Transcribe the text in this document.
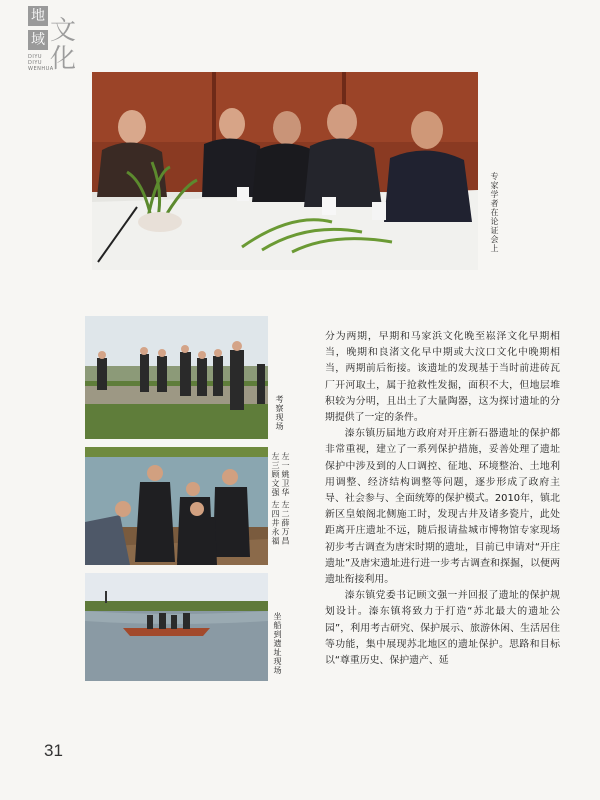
地
域 文
化
DIYU DIYU WENHUA
专家学者在论证会上
考察现场
左一姚卫华 左二薛万昌
左三顾文强 左四井永福
坐船到遗址现场

分为两期，早期和马家浜文化晚至崧泽文化早期相当，晚期和良渚文化早中期或大汶口文化中晚期相当，两期前后衔接。该遗址的发现基于当时前进砖瓦厂开河取土，属于抢救性发掘，面积不大，但地层堆积较为分明，且出土了大量陶器，这为探讨遗址的分期提供了一定的条件。

溱东镇历届地方政府对开庄新石器遗址的保护都非常重视，建立了一系列保护措施，妥善处理了遗址保护中涉及到的人口调控、征地、环境整治、土地利用调整、经济结构调整等问题，逐步形成了政府主导、社会参与、全面统筹的保护模式。2010年，镇北新区皇娘阁北侧施工时，发现古井及诸多瓷片，此处距离开庄遗址不远，随后报请盐城市博物馆专家现场初步考古调查为唐宋时期的遗址，目前已申请对“开庄遗址”及唐宋遗址进行进一步考古调查和探掘，以便两遗址衔接利用。

溱东镇党委书记顾文强一并回报了遗址的保护规划设计。溱东镇将致力于打造“苏北最大的遗址公园”，利用考古研究、保护展示、旅游休闲、生活居住等功能，集中展现苏北地区的遗址保护。思路和目标以“尊重历史、保护遗产、延

31
